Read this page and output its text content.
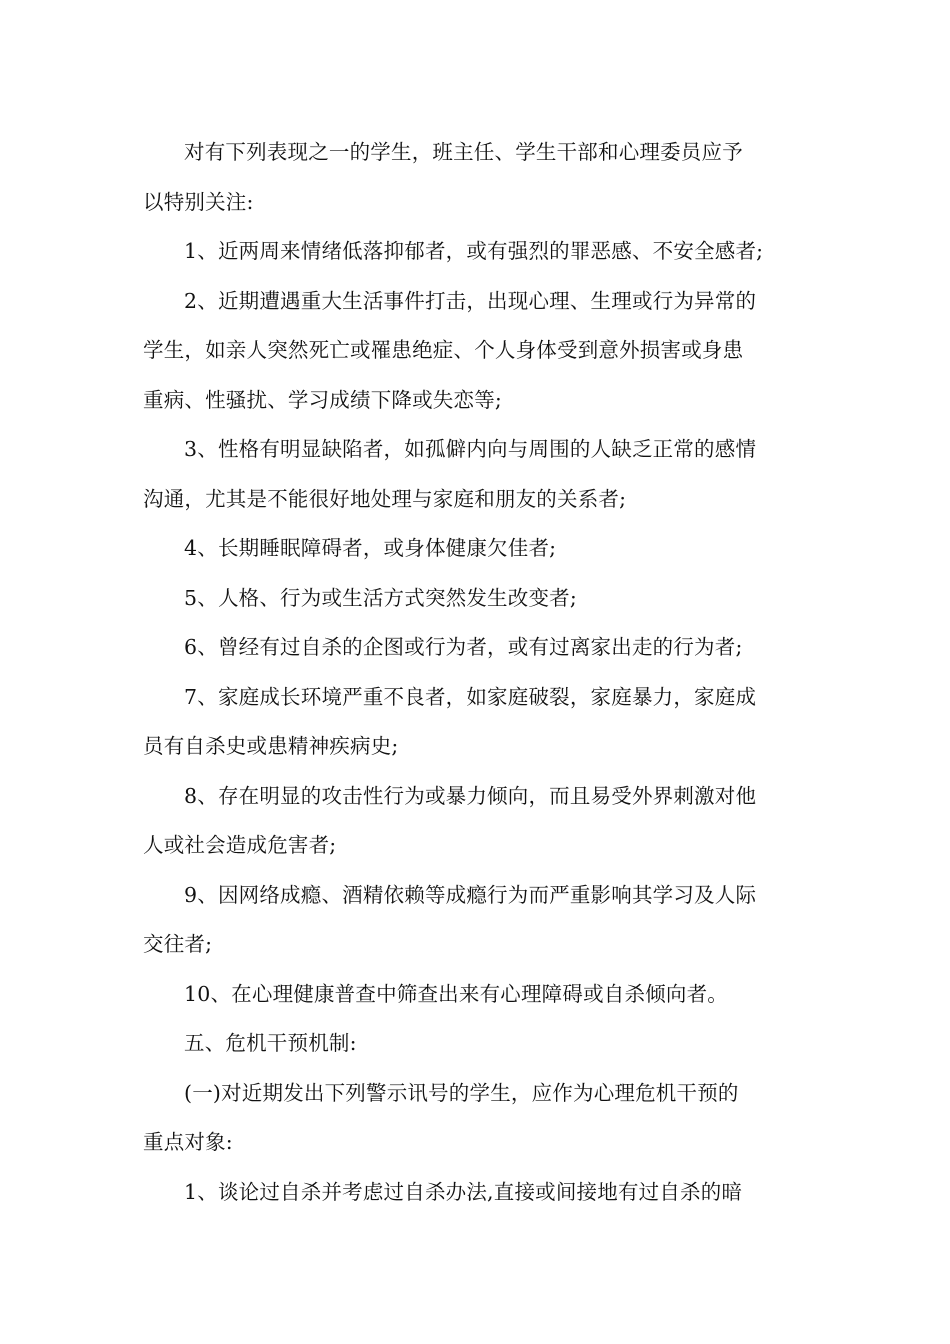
对有下列表现之一的学生，班主任、学生干部和心理委员应予
以特别关注:

1、近两周来情绪低落抑郁者，或有强烈的罪恶感、不安全感者;

2、近期遭遇重大生活事件打击，出现心理、生理或行为异常的
学生，如亲人突然死亡或罹患绝症、个人身体受到意外损害或身患
重病、性骚扰、学习成绩下降或失恋等;

3、性格有明显缺陷者，如孤僻内向与周围的人缺乏正常的感情
沟通，尤其是不能很好地处理与家庭和朋友的关系者;

4、长期睡眠障碍者，或身体健康欠佳者;

5、人格、行为或生活方式突然发生改变者;

6、曾经有过自杀的企图或行为者，或有过离家出走的行为者;

7、家庭成长环境严重不良者，如家庭破裂，家庭暴力，家庭成
员有自杀史或患精神疾病史;

8、存在明显的攻击性行为或暴力倾向，而且易受外界刺激对他
人或社会造成危害者;

9、因网络成瘾、酒精依赖等成瘾行为而严重影响其学习及人际
交往者;

10、在心理健康普查中筛查出来有心理障碍或自杀倾向者。

五、危机干预机制:

(一)对近期发出下列警示讯号的学生，应作为心理危机干预的
重点对象:

1、谈论过自杀并考虑过自杀办法,直接或间接地有过自杀的暗
